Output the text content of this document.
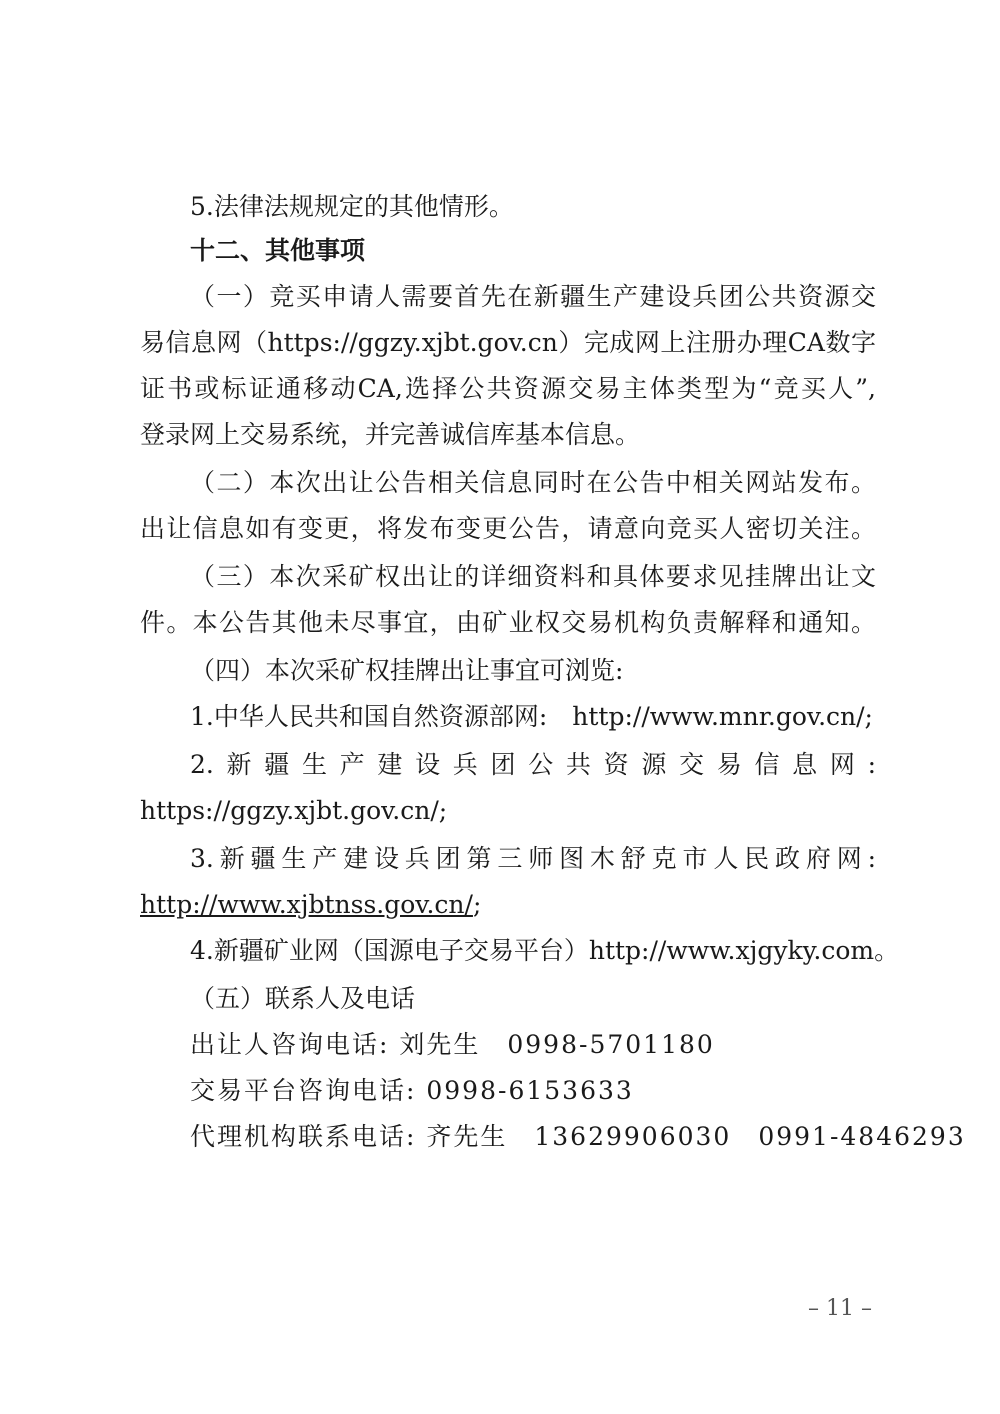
5.法律法规规定的其他情形。
十二、其他事项
（一）竞买申请人需要首先在新疆生产建设兵团公共资源交
易信息网（https://ggzy.xjbt.gov.cn）完成网上注册办理CA数字
证书或标证通移动CA,选择公共资源交易主体类型为“竞买人”,
登录网上交易系统，并完善诚信库基本信息。
（二）本次出让公告相关信息同时在公告中相关网站发布。
出让信息如有变更，将发布变更公告，请意向竞买人密切关注。
（三）本次采矿权出让的详细资料和具体要求见挂牌出让文
件。本公告其他未尽事宜，由矿业权交易机构负责解释和通知。
（四）本次采矿权挂牌出让事宜可浏览:
1.中华人民共和国自然资源部网:　http://www.mnr.gov.cn/;
2.新疆生产建设兵团公共资源交易信息网:
https://ggzy.xjbt.gov.cn/;
3.新疆生产建设兵团第三师图木舒克市人民政府网:
http://www.xjbtnss.gov.cn/;
4.新疆矿业网（国源电子交易平台）http://www.xjgyky.com。
（五）联系人及电话
出让人咨询电话: 刘先生　0998-5701180
交易平台咨询电话: 0998-6153633
代理机构联系电话: 齐先生　13629906030　0991-4846293
– 11 –
